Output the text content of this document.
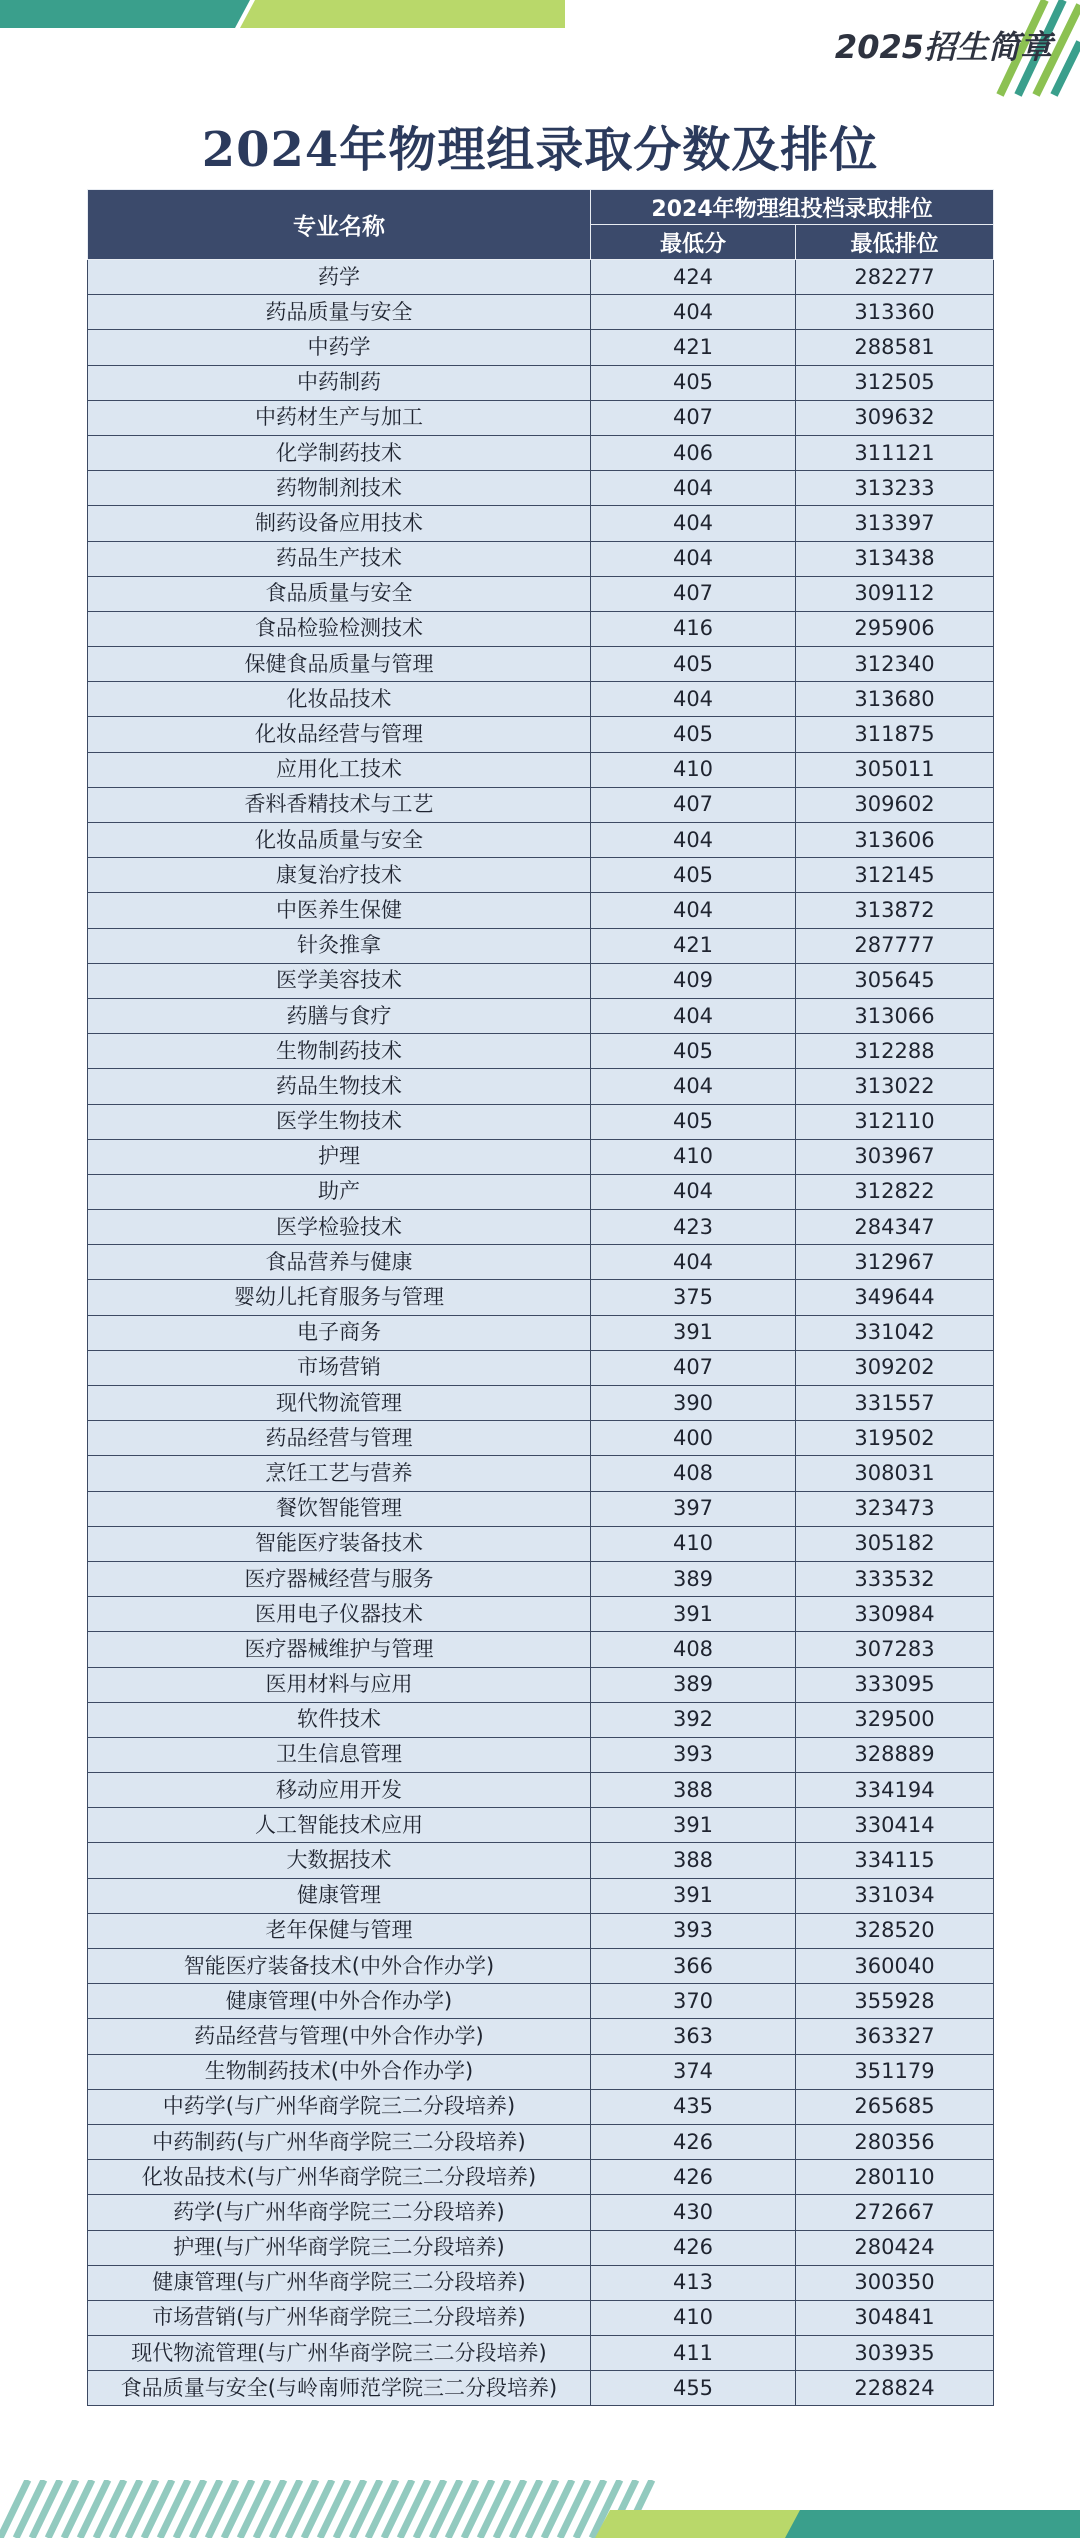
2025招生简章
2024年物理组录取分数及排位
专业名称	2024年物理组投档录取排位	
	最低分	最低排位
药学	424	282277
药品质量与安全	404	313360
中药学	421	288581
中药制药	405	312505
中药材生产与加工	407	309632
化学制药技术	406	311121
药物制剂技术	404	313233
制药设备应用技术	404	313397
药品生产技术	404	313438
食品质量与安全	407	309112
食品检验检测技术	416	295906
保健食品质量与管理	405	312340
化妆品技术	404	313680
化妆品经营与管理	405	311875
应用化工技术	410	305011
香料香精技术与工艺	407	309602
化妆品质量与安全	404	313606
康复治疗技术	405	312145
中医养生保健	404	313872
针灸推拿	421	287777
医学美容技术	409	305645
药膳与食疗	404	313066
生物制药技术	405	312288
药品生物技术	404	313022
医学生物技术	405	312110
护理	410	303967
助产	404	312822
医学检验技术	423	284347
食品营养与健康	404	312967
婴幼儿托育服务与管理	375	349644
电子商务	391	331042
市场营销	407	309202
现代物流管理	390	331557
药品经营与管理	400	319502
烹饪工艺与营养	408	308031
餐饮智能管理	397	323473
智能医疗装备技术	410	305182
医疗器械经营与服务	389	333532
医用电子仪器技术	391	330984
医疗器械维护与管理	408	307283
医用材料与应用	389	333095
软件技术	392	329500
卫生信息管理	393	328889
移动应用开发	388	334194
人工智能技术应用	391	330414
大数据技术	388	334115
健康管理	391	331034
老年保健与管理	393	328520
智能医疗装备技术(中外合作办学)	366	360040
健康管理(中外合作办学)	370	355928
药品经营与管理(中外合作办学)	363	363327
生物制药技术(中外合作办学)	374	351179
中药学(与广州华商学院三二分段培养)	435	265685
中药制药(与广州华商学院三二分段培养)	426	280356
化妆品技术(与广州华商学院三二分段培养)	426	280110
药学(与广州华商学院三二分段培养)	430	272667
护理(与广州华商学院三二分段培养)	426	280424
健康管理(与广州华商学院三二分段培养)	413	300350
市场营销(与广州华商学院三二分段培养)	410	304841
现代物流管理(与广州华商学院三二分段培养)	411	303935
食品质量与安全(与岭南师范学院三二分段培养)	455	228824
